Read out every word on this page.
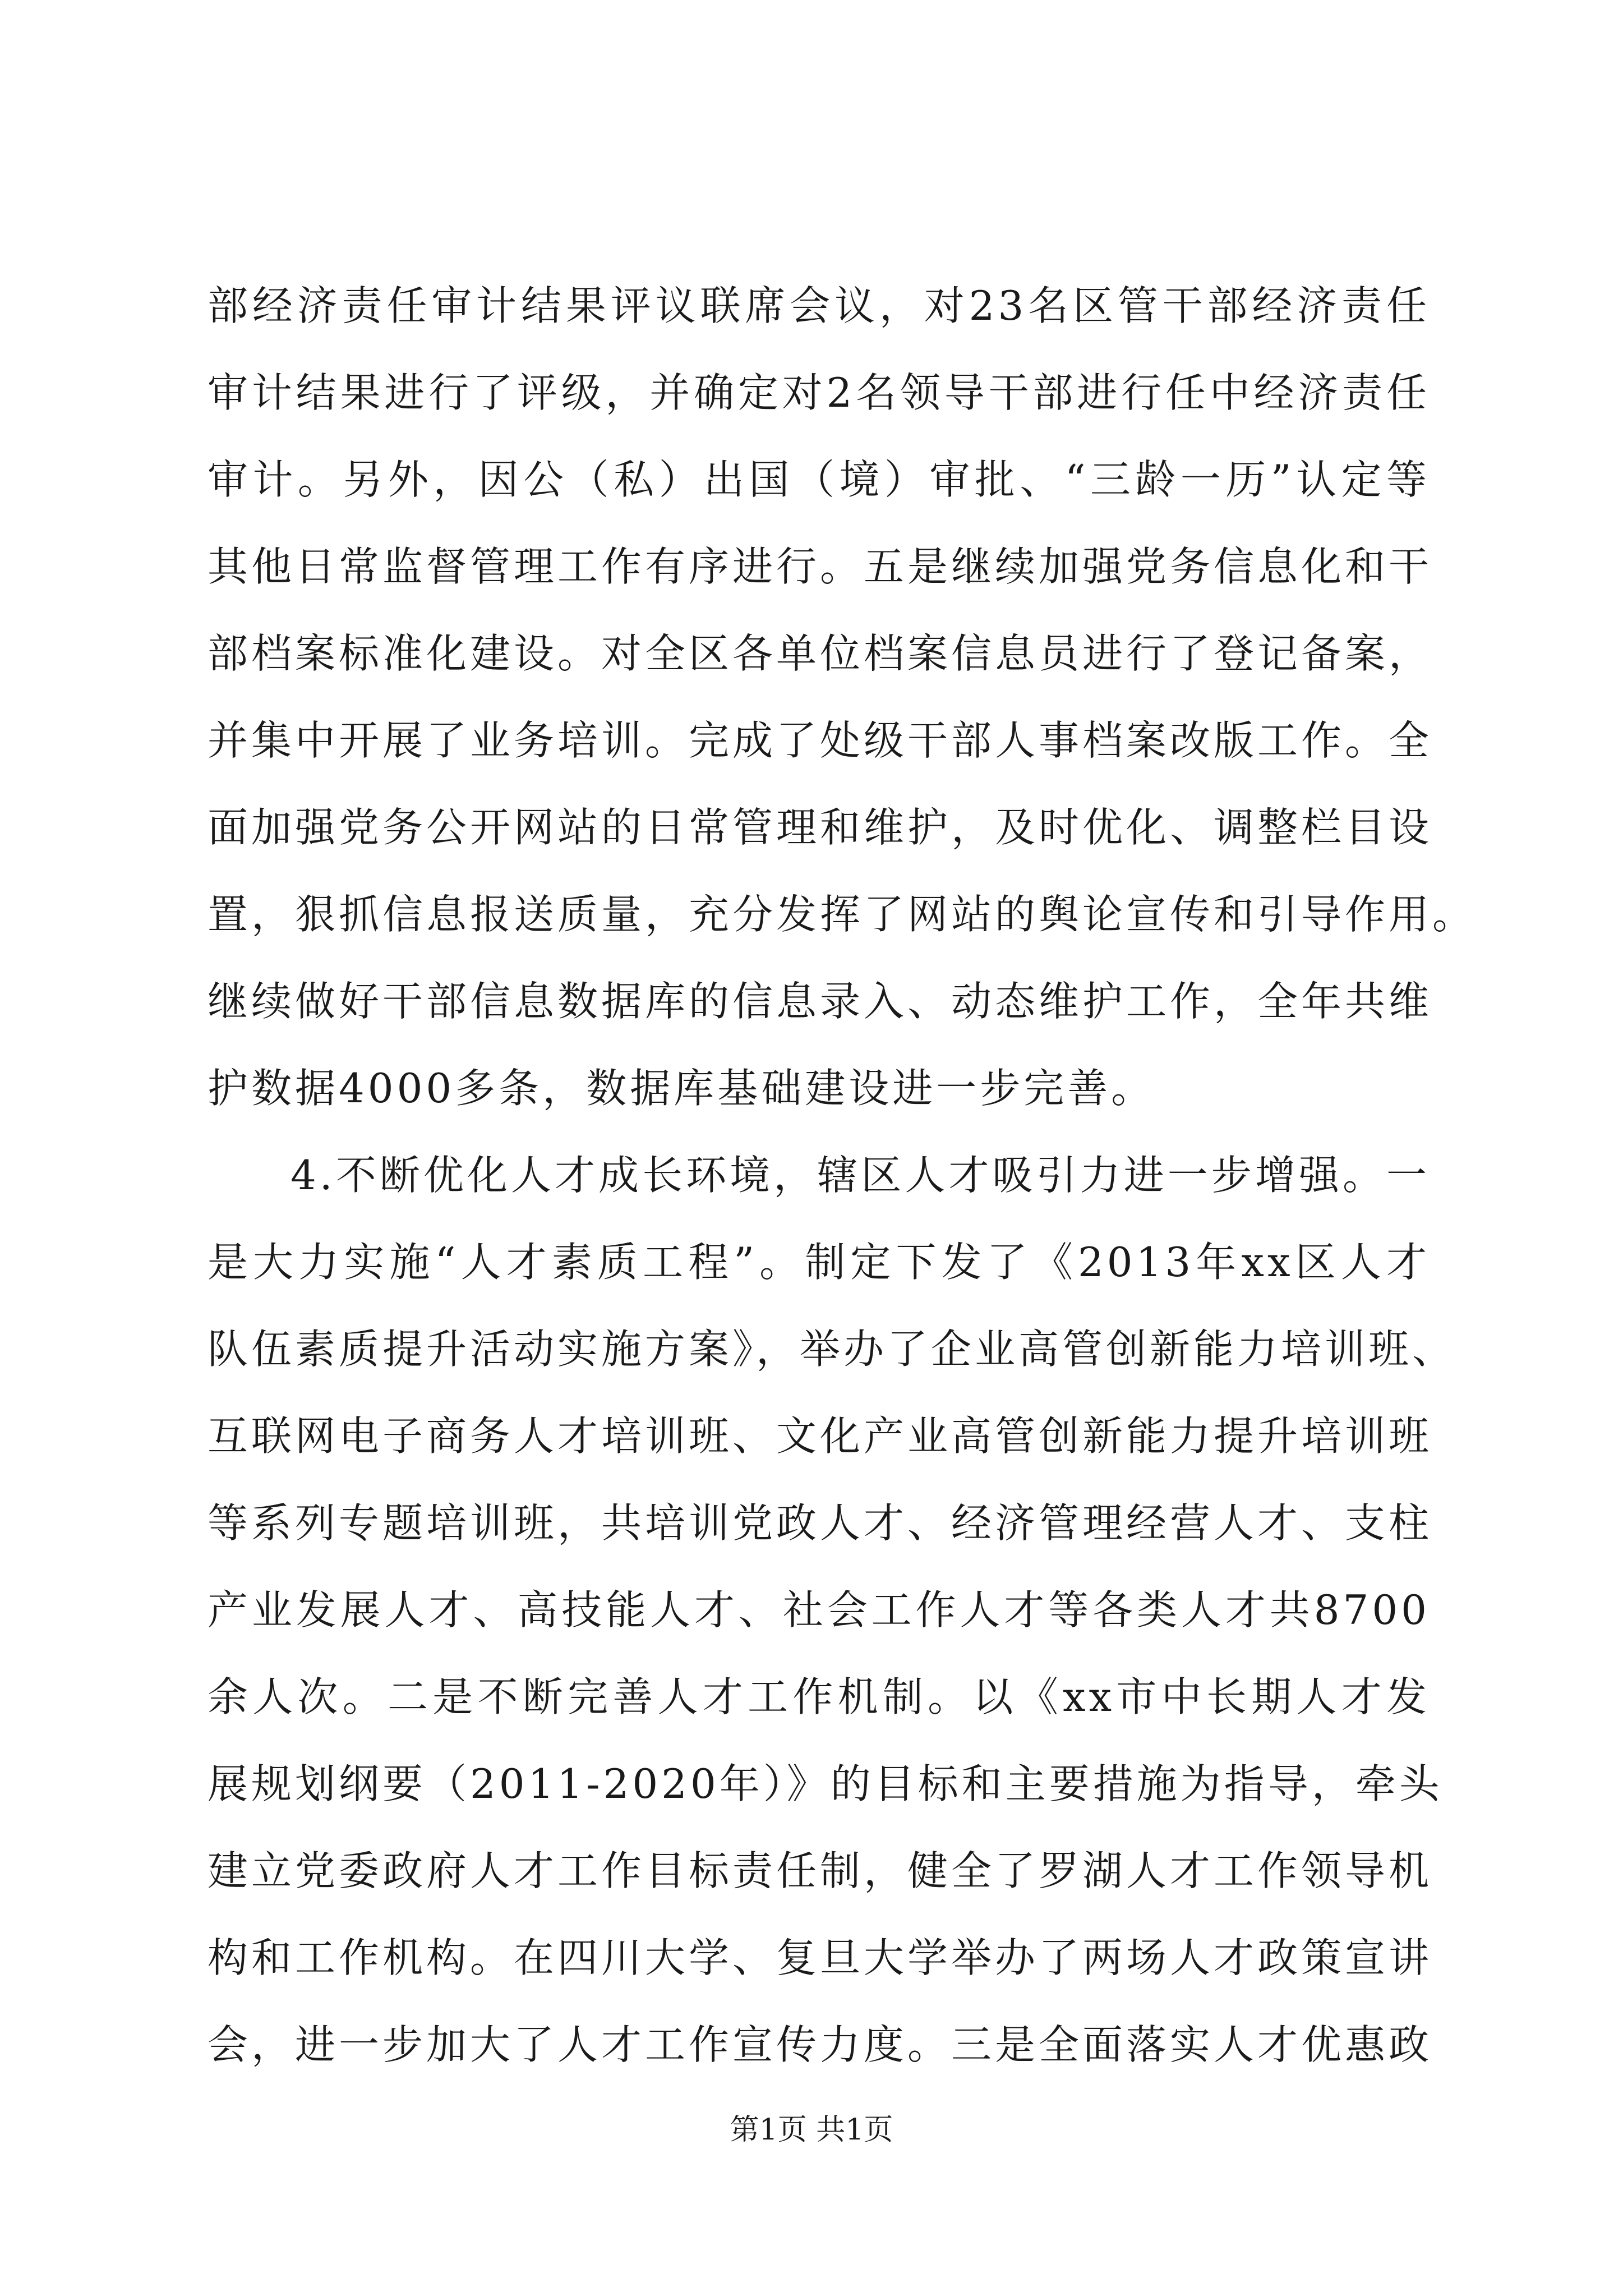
部经济责任审计结果评议联席会议，对23名区管干部经济责任
审计结果进行了评级，并确定对2名领导干部进行任中经济责任
审计。另外，因公（私）出国（境）审批、“三龄一历”认定等
其他日常监督管理工作有序进行。五是继续加强党务信息化和干
部档案标准化建设。对全区各单位档案信息员进行了登记备案，
并集中开展了业务培训。完成了处级干部人事档案改版工作。全
面加强党务公开网站的日常管理和维护，及时优化、调整栏目设
置，狠抓信息报送质量，充分发挥了网站的舆论宣传和引导作用。
继续做好干部信息数据库的信息录入、动态维护工作，全年共维
护数据4000多条，数据库基础建设进一步完善。
4.不断优化人才成长环境，辖区人才吸引力进一步增强。一
是大力实施“人才素质工程”。制定下发了《2013年xx区人才
队伍素质提升活动实施方案》，举办了企业高管创新能力培训班、
互联网电子商务人才培训班、文化产业高管创新能力提升培训班
等系列专题培训班，共培训党政人才、经济管理经营人才、支柱
产业发展人才、高技能人才、社会工作人才等各类人才共8700
余人次。二是不断完善人才工作机制。以《xx市中长期人才发
展规划纲要（2011-2020年）》的目标和主要措施为指导，牵头
建立党委政府人才工作目标责任制，健全了罗湖人才工作领导机
构和工作机构。在四川大学、复旦大学举办了两场人才政策宣讲
会，进一步加大了人才工作宣传力度。三是全面落实人才优惠政
第1页 共1页
